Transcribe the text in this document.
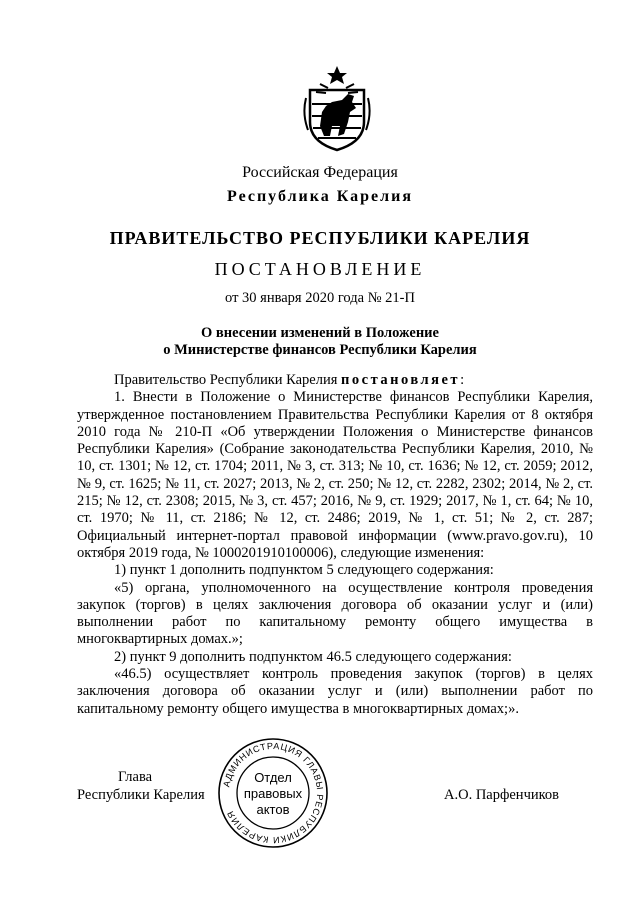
Российская Федерация
Республика Карелия
ПРАВИТЕЛЬСТВО РЕСПУБЛИКИ КАРЕЛИЯ
ПОСТАНОВЛЕНИЕ
от 30 января 2020 года № 21-П
О внесении изменений в Положение
о Министерстве финансов Республики Карелия

Правительство Республики Карелия постановляет:

1. Внести в Положение о Министерстве финансов Республики Карелия, утвержденное постановлением Правительства Республики Карелия от 8 октября 2010 года № 210-П «Об утверждении Положения о Министерстве финансов Республики Карелия» (Собрание законодательства Республики Карелия, 2010, № 10, ст. 1301; № 12, ст. 1704; 2011, № 3, ст. 313; № 10, ст. 1636; № 12, ст. 2059; 2012, № 9, ст. 1625; № 11, ст. 2027; 2013, № 2, ст. 250; № 12, ст. 2282, 2302; 2014, № 2, ст. 215; № 12, ст. 2308; 2015, № 3, ст. 457; 2016, № 9, ст. 1929; 2017, № 1, ст. 64; № 10, ст. 1970; № 11, ст. 2186; № 12, ст. 2486; 2019, № 1, ст. 51; № 2, ст. 287; Официальный интернет-портал правовой информации (www.pravo.gov.ru), 10 октября 2019 года, № 1000201910100006), следующие изменения:

1) пункт 1 дополнить подпунктом 5 следующего содержания:

«5) органа, уполномоченного на осуществление контроля проведения закупок (торгов) в целях заключения договора об оказании услуг и (или) выполнении работ по капитальному ремонту общего имущества в многоквартирных домах.»;

2) пункт 9 дополнить подпунктом 46.5 следующего содержания:

«46.5) осуществляет контроль проведения закупок (торгов) в целях заключения договора об оказании услуг и (или) выполнении работ по капитальному ремонту общего имущества в многоквартирных домах;».

Глава
Республики Карелия	А.О. Парфенчиков
АДМИНИСТРАЦИЯ ГЛАВЫ РЕСПУБЛИКИ КАРЕЛИЯ
Отдел
правовых
актов
